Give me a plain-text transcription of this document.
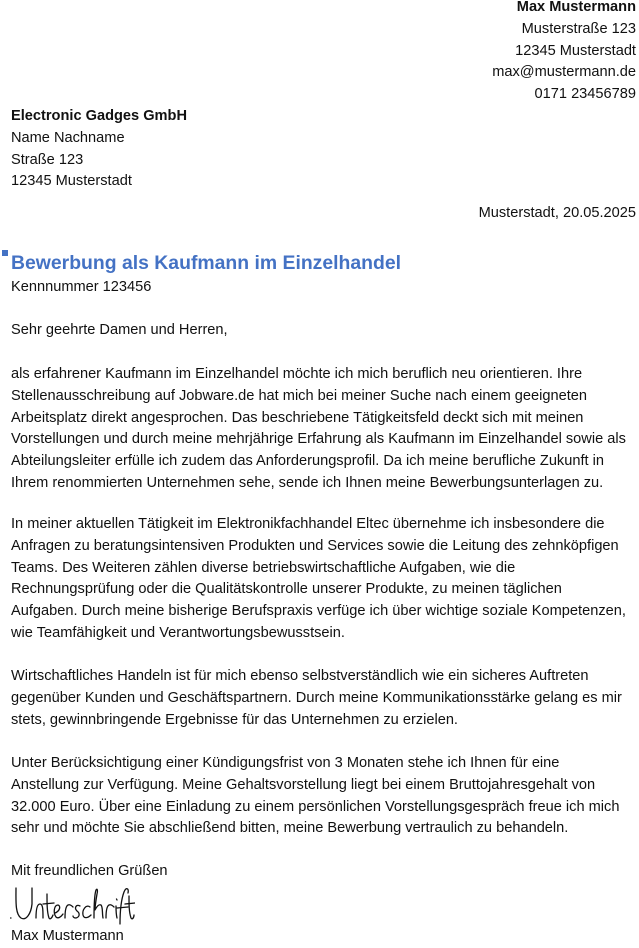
Max Mustermann
Musterstraße 123
12345 Musterstadt
max@mustermann.de
0171 23456789
Electronic Gadges GmbH
Name Nachname
Straße 123
12345 Musterstadt
Musterstadt, 20.05.2025
Bewerbung als Kaufmann im Einzelhandel
Kennnummer 123456
Sehr geehrte Damen und Herren,
als erfahrener Kaufmann im Einzelhandel möchte ich mich beruflich neu orientieren. Ihre
Stellenausschreibung auf Jobware.de hat mich bei meiner Suche nach einem geeigneten
Arbeitsplatz direkt angesprochen. Das beschriebene Tätigkeitsfeld deckt sich mit meinen
Vorstellungen und durch meine mehrjährige Erfahrung als Kaufmann im Einzelhandel sowie als
Abteilungsleiter erfülle ich zudem das Anforderungsprofil. Da ich meine berufliche Zukunft in
Ihrem renommierten Unternehmen sehe, sende ich Ihnen meine Bewerbungsunterlagen zu.
In meiner aktuellen Tätigkeit im Elektronikfachhandel Eltec übernehme ich insbesondere die
Anfragen zu beratungsintensiven Produkten und Services sowie die Leitung des zehnköpfigen
Teams. Des Weiteren zählen diverse betriebswirtschaftliche Aufgaben, wie die
Rechnungsprüfung oder die Qualitätskontrolle unserer Produkte, zu meinen täglichen
Aufgaben. Durch meine bisherige Berufspraxis verfüge ich über wichtige soziale Kompetenzen,
wie Teamfähigkeit und Verantwortungsbewusstsein.
Wirtschaftliches Handeln ist für mich ebenso selbstverständlich wie ein sicheres Auftreten
gegenüber Kunden und Geschäftspartnern. Durch meine Kommunikationsstärke gelang es mir
stets, gewinnbringende Ergebnisse für das Unternehmen zu erzielen.
Unter Berücksichtigung einer Kündigungsfrist von 3 Monaten stehe ich Ihnen für eine
Anstellung zur Verfügung. Meine Gehaltsvorstellung liegt bei einem Bruttojahresgehalt von
32.000 Euro. Über eine Einladung zu einem persönlichen Vorstellungsgespräch freue ich mich
sehr und möchte Sie abschließend bitten, meine Bewerbung vertraulich zu behandeln.
Mit freundlichen Grüßen
Max Mustermann
